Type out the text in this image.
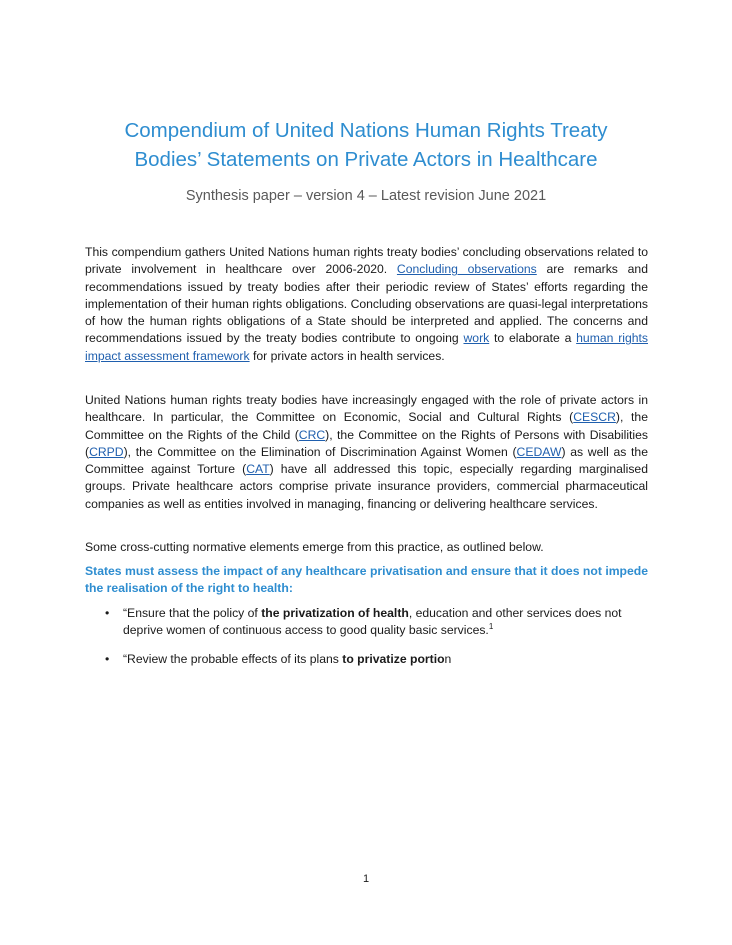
Compendium of United Nations Human Rights Treaty
Bodies’ Statements on Private Actors in Healthcare
Synthesis paper – version 4 – Latest revision June 2021

This compendium gathers United Nations human rights treaty bodies’ concluding observations related to private involvement in healthcare over 2006-2020. Concluding observations are remarks and recommendations issued by treaty bodies after their periodic review of States’ efforts regarding the implementation of their human rights obligations. Concluding observations are quasi-legal interpretations of how the human rights obligations of a State should be interpreted and applied. The concerns and recommendations issued by the treaty bodies contribute to ongoing work to elaborate a human rights impact assessment framework for private actors in health services.

United Nations human rights treaty bodies have increasingly engaged with the role of private actors in healthcare. In particular, the Committee on Economic, Social and Cultural Rights (CESCR), the Committee on the Rights of the Child (CRC), the Committee on the Rights of Persons with Disabilities (CRPD), the Committee on the Elimination of Discrimination Against Women (CEDAW) as well as the Committee against Torture (CAT) have all addressed this topic, especially regarding marginalised groups. Private healthcare actors comprise private insurance providers, commercial pharmaceutical companies as well as entities involved in managing, financing or delivering healthcare services.

Some cross-cutting normative elements emerge from this practice, as outlined below.

States must assess the impact of any healthcare privatisation and ensure that it does not impede the realisation of the right to health:
• “Ensure that the policy of the privatization of health, education and other services does not deprive women of continuous access to good quality basic services.$^1$
• “Review the probable effects of its plans to privatize portion
1
